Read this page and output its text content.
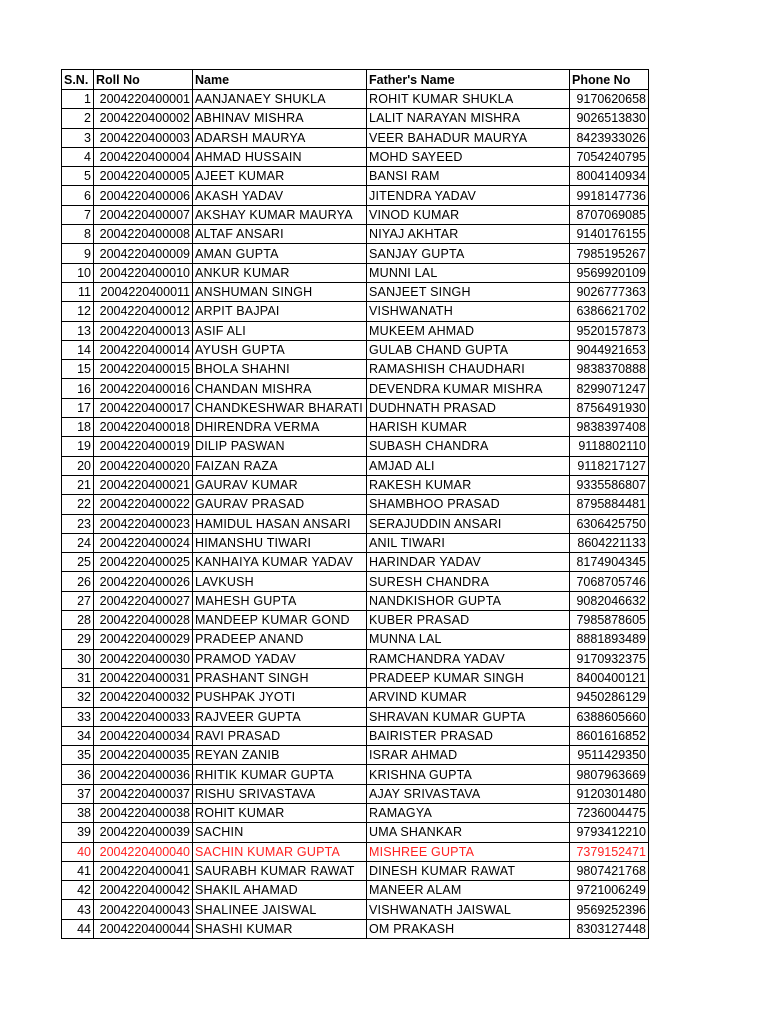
S.N.	Roll No	Name	Father's Name	Phone No
1	2004220400001	AANJANAEY SHUKLA	ROHIT KUMAR SHUKLA	9170620658
2	2004220400002	ABHINAV MISHRA	LALIT NARAYAN MISHRA	9026513830
3	2004220400003	ADARSH MAURYA	VEER BAHADUR MAURYA	8423933026
4	2004220400004	AHMAD HUSSAIN	MOHD SAYEED	7054240795
5	2004220400005	AJEET KUMAR	BANSI RAM	8004140934
6	2004220400006	AKASH YADAV	JITENDRA YADAV	9918147736
7	2004220400007	AKSHAY KUMAR MAURYA	VINOD KUMAR	8707069085
8	2004220400008	ALTAF ANSARI	NIYAJ AKHTAR	9140176155
9	2004220400009	AMAN GUPTA	SANJAY GUPTA	7985195267
10	2004220400010	ANKUR KUMAR	MUNNI LAL	9569920109
11	2004220400011	ANSHUMAN SINGH	SANJEET SINGH	9026777363
12	2004220400012	ARPIT BAJPAI	VISHWANATH	6386621702
13	2004220400013	ASIF ALI	MUKEEM AHMAD	9520157873
14	2004220400014	AYUSH GUPTA	GULAB CHAND GUPTA	9044921653
15	2004220400015	BHOLA SHAHNI	RAMASHISH CHAUDHARI	9838370888
16	2004220400016	CHANDAN MISHRA	DEVENDRA KUMAR MISHRA	8299071247
17	2004220400017	CHANDKESHWAR BHARATI	DUDHNATH PRASAD	8756491930
18	2004220400018	DHIRENDRA VERMA	HARISH KUMAR	9838397408
19	2004220400019	DILIP PASWAN	SUBASH CHANDRA	9118802110
20	2004220400020	FAIZAN RAZA	AMJAD ALI	9118217127
21	2004220400021	GAURAV KUMAR	RAKESH KUMAR	9335586807
22	2004220400022	GAURAV PRASAD	SHAMBHOO PRASAD	8795884481
23	2004220400023	HAMIDUL HASAN ANSARI	SERAJUDDIN ANSARI	6306425750
24	2004220400024	HIMANSHU TIWARI	ANIL TIWARI	8604221133
25	2004220400025	KANHAIYA KUMAR YADAV	HARINDAR YADAV	8174904345
26	2004220400026	LAVKUSH	SURESH CHANDRA	7068705746
27	2004220400027	MAHESH GUPTA	NANDKISHOR GUPTA	9082046632
28	2004220400028	MANDEEP KUMAR GOND	KUBER PRASAD	7985878605
29	2004220400029	PRADEEP ANAND	MUNNA LAL	8881893489
30	2004220400030	PRAMOD YADAV	RAMCHANDRA YADAV	9170932375
31	2004220400031	PRASHANT SINGH	PRADEEP KUMAR SINGH	8400400121
32	2004220400032	PUSHPAK JYOTI	ARVIND KUMAR	9450286129
33	2004220400033	RAJVEER GUPTA	SHRAVAN KUMAR GUPTA	6388605660
34	2004220400034	RAVI PRASAD	BAIRISTER PRASAD	8601616852
35	2004220400035	REYAN ZANIB	ISRAR AHMAD	9511429350
36	2004220400036	RHITIK KUMAR GUPTA	KRISHNA GUPTA	9807963669
37	2004220400037	RISHU SRIVASTAVA	AJAY SRIVASTAVA	9120301480
38	2004220400038	ROHIT KUMAR	RAMAGYA	7236004475
39	2004220400039	SACHIN	UMA SHANKAR	9793412210
40	2004220400040	SACHIN KUMAR GUPTA	MISHREE GUPTA	7379152471
41	2004220400041	SAURABH KUMAR RAWAT	DINESH KUMAR RAWAT	9807421768
42	2004220400042	SHAKIL AHAMAD	MANEER ALAM	9721006249
43	2004220400043	SHALINEE JAISWAL	VISHWANATH JAISWAL	9569252396
44	2004220400044	SHASHI KUMAR	OM PRAKASH	8303127448
